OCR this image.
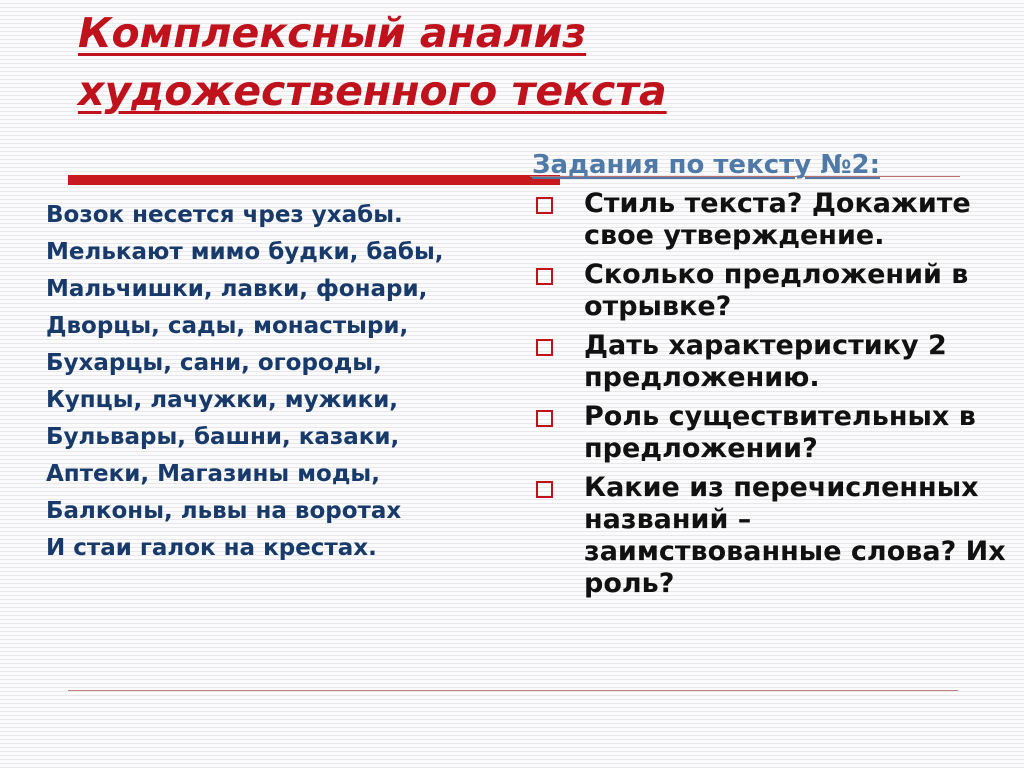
Комплексный анализ
художественного текста
Возок несется чрез ухабы.
Мелькают мимо будки, бабы,
Мальчишки, лавки, фонари,
Дворцы, сады, монастыри,
Бухарцы, сани, огороды,
Купцы, лачужки, мужики,
Бульвары, башни, казаки,
Аптеки, Магазины моды,
Балконы, львы на воротах
И стаи галок на крестах.
Задания по тексту №2:
Стиль текста? Докажите свое утверждение.
Сколько предложений в отрывке?
Дать характеристику 2 предложению.
Роль существительных в предложении?
Какие из перечисленных названий – заимствованные слова? Их роль?
